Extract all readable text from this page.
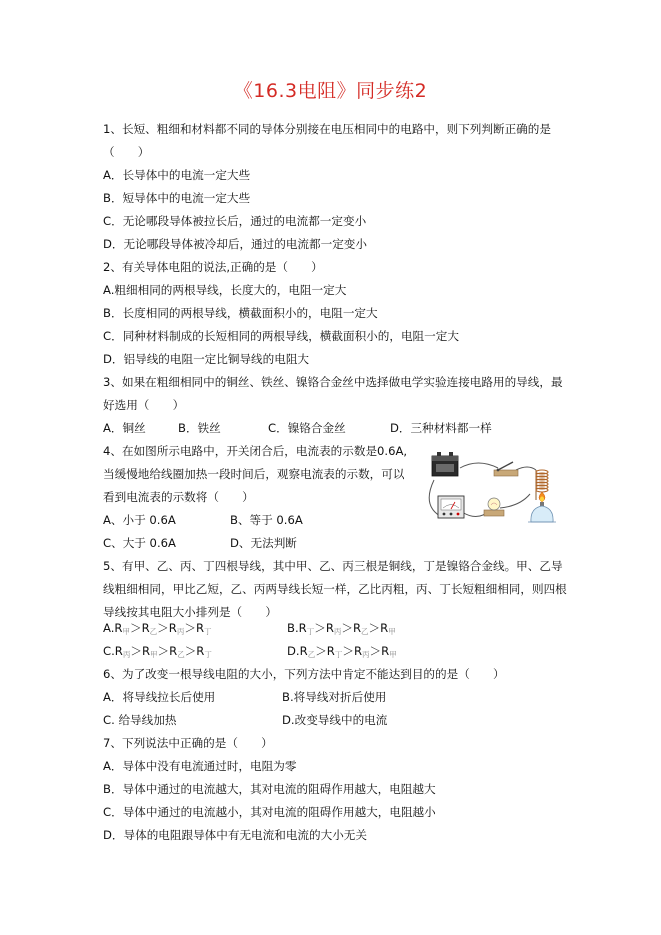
《16.3电阻》同步练2
1、长短、粗细和材料都不同的导体分别接在电压相同中的电路中，则下列判断正确的是
（　　）
A．长导体中的电流一定大些
B．短导体中的电流一定大些
C．无论哪段导体被拉长后，通过的电流都一定变小
D．无论哪段导体被冷却后，通过的电流都一定变小
2、有关导体电阻的说法,正确的是（　　）
A.粗细相同的两根导线，长度大的，电阻一定大
B．长度相同的两根导线，横截面积小的，电阻一定大
C．同种材料制成的长短相同的两根导线，横截面积小的，电阻一定大
D．铝导线的电阻一定比铜导线的电阻大
3、如果在粗细相同中的铜丝、铁丝、镍铬合金丝中选择做电学实验连接电路用的导线，最
好选用（　　）
A．铜丝	B．铁丝	C．镍铬合金丝	D．三种材料都一样
4、在如图所示电路中，开关闭合后，电流表的示数是0.6A,
当缓慢地给线圈加热一段时间后，观察电流表的示数，可以
看到电流表的示数将（　　）
A、小于 0.6A	B、等于 0.6A
C、大于 0.6A	D、无法判断
5、有甲、乙、丙、丁四根导线，其中甲、乙、丙三根是铜线，丁是镍铬合金线。甲、乙导
线粗细相同，甲比乙短，乙、丙两导线长短一样，乙比丙粗，丙、丁长短粗细相同，则四根
导线按其电阻大小排列是（　　）
$A.R_甲>R_乙>R_丙>R_丁$	$B.R_丁>R_丙>R_乙>R_甲$
$C.R_丙>R_甲>R_乙>R_丁$	$D.R_乙>R_丁>R_丙>R_甲$
6、为了改变一根导线电阻的大小，下列方法中肯定不能达到目的的是（　　）
A．将导线拉长后使用	B.将导线对折后使用
C. 给导线加热	D.改变导线中的电流
7、下列说法中正确的是（　　）
A．导体中没有电流通过时，电阻为零
B．导体中通过的电流越大，其对电流的阻碍作用越大，电阻越大
C．导体中通过的电流越小，其对电流的阻碍作用越大，电阻越小
D．导体的电阻跟导体中有无电流和电流的大小无关
